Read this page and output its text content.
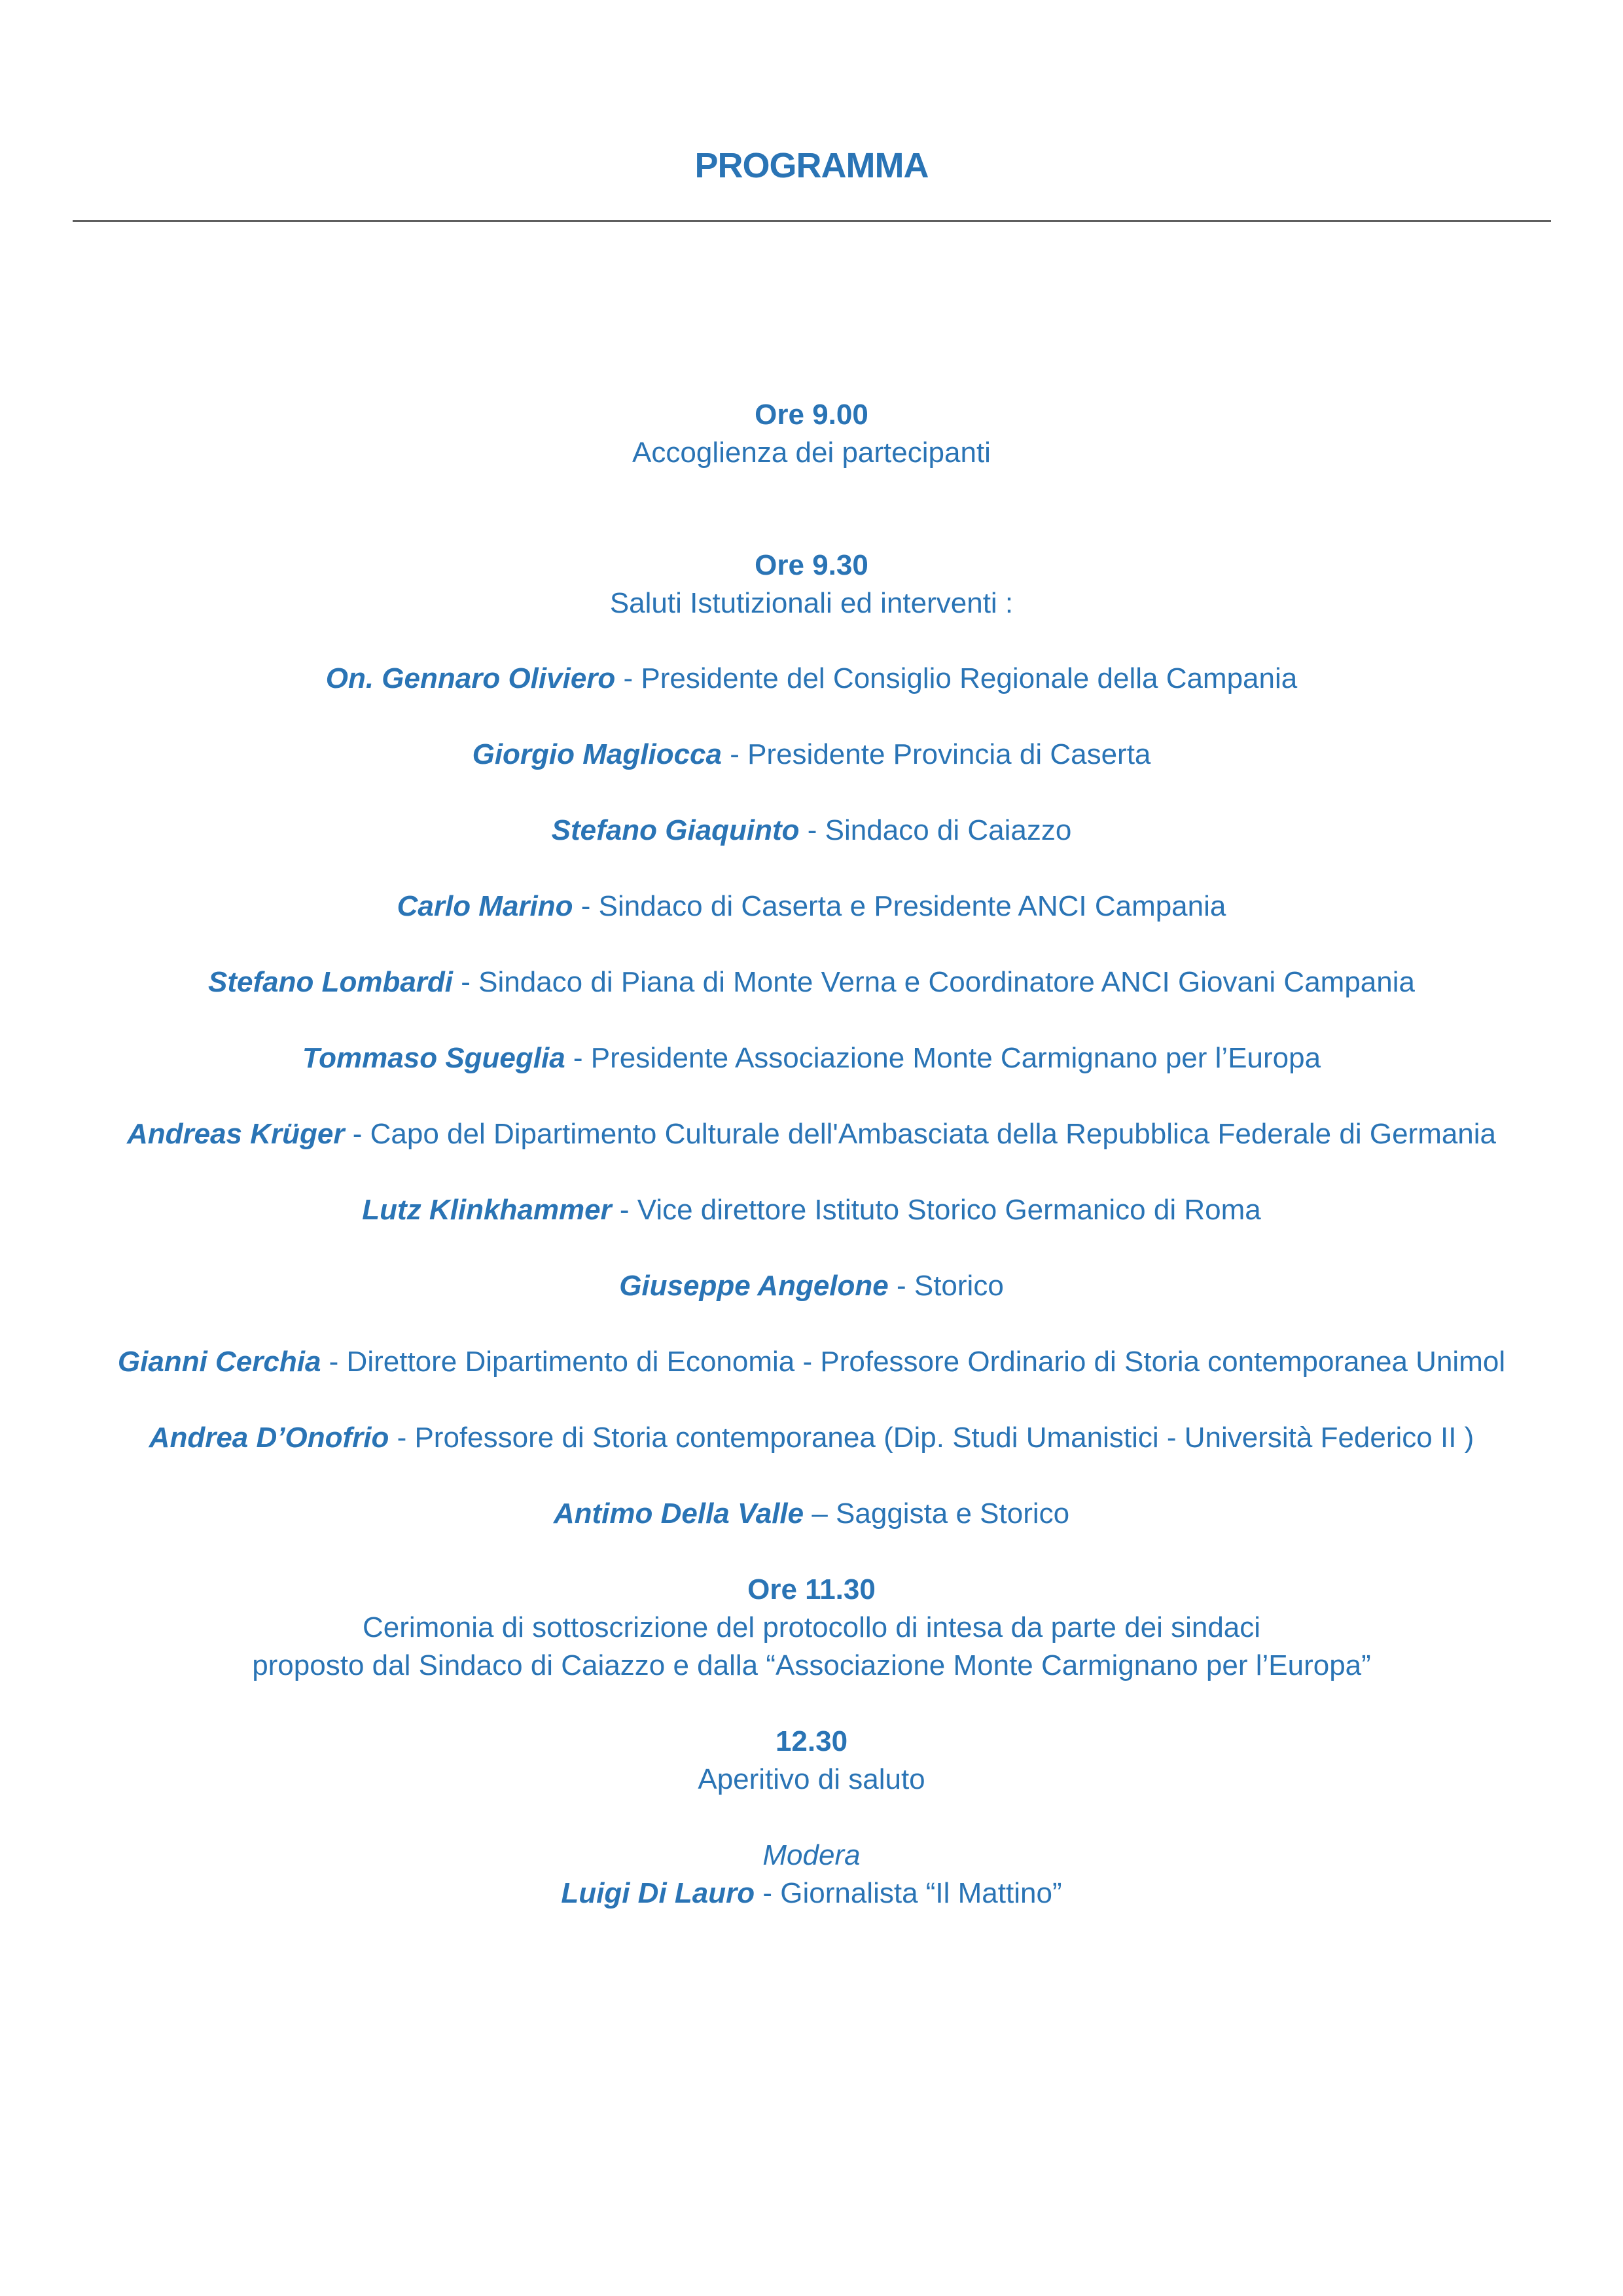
PROGRAMMA
Ore 9.00
Accoglienza dei partecipanti
Ore 9.30
Saluti Istutizionali ed interventi :
On. Gennaro Oliviero - Presidente del Consiglio Regionale della Campania
Giorgio Magliocca - Presidente Provincia di Caserta
Stefano Giaquinto - Sindaco di Caiazzo
Carlo Marino - Sindaco di Caserta e Presidente ANCI Campania
Stefano Lombardi - Sindaco di Piana di Monte Verna e Coordinatore ANCI Giovani Campania
Tommaso Sgueglia - Presidente Associazione Monte Carmignano per l’Europa
Andreas Krüger - Capo del Dipartimento Culturale dell'Ambasciata della Repubblica Federale di Germania
Lutz Klinkhammer - Vice direttore Istituto Storico Germanico di Roma
Giuseppe Angelone - Storico
Gianni Cerchia - Direttore Dipartimento di Economia - Professore Ordinario di Storia contemporanea Unimol
Andrea D’Onofrio - Professore di Storia contemporanea (Dip. Studi Umanistici - Università Federico II )
Antimo Della Valle – Saggista e Storico
Ore 11.30
Cerimonia di sottoscrizione del protocollo di intesa da parte dei sindaci
proposto dal Sindaco di Caiazzo e dalla “Associazione Monte Carmignano per l’Europa”
12.30
Aperitivo di saluto
Modera
Luigi Di Lauro - Giornalista “Il Mattino”
